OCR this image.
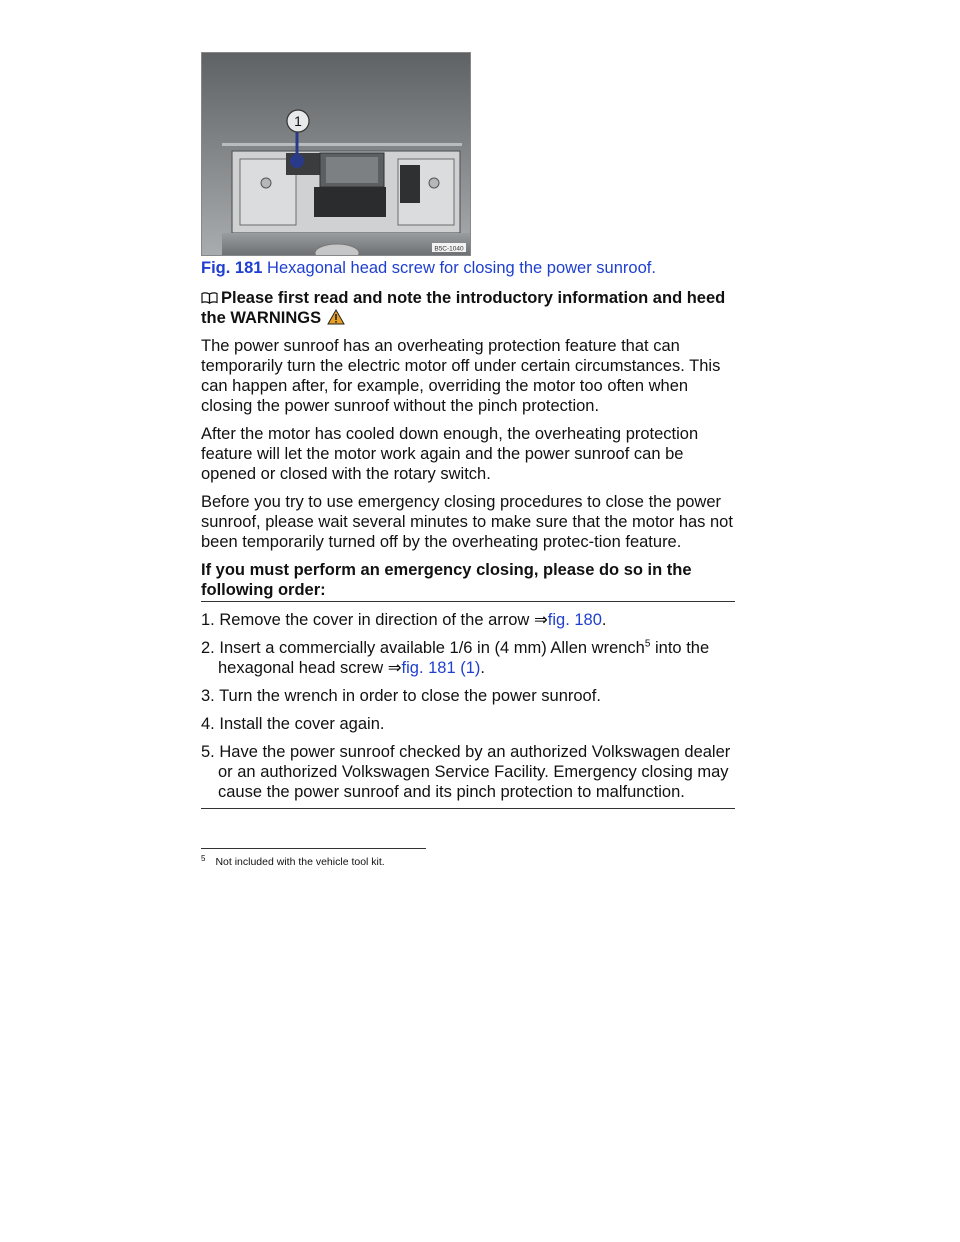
1
B5C-1040
Fig. 181 Hexagonal head screw for closing the power sunroof.
Please first read and note the introductory information and heed the WARNINGS

The power sunroof has an overheating protection feature that can temporarily turn the electric motor off under certain circumstances. This can happen after, for example, overriding the motor too often when closing the power sunroof without the pinch protection.

After the motor has cooled down enough, the overheating protection feature will let the motor work again and the power sunroof can be opened or closed with the rotary switch.

Before you try to use emergency closing procedures to close the power sunroof, please wait several minutes to make sure that the motor has not been temporarily turned off by the overheating protec-tion feature.

If you must perform an emergency closing, please do so in the following order:
1. Remove the cover in direction of the arrow ⇒fig. 180.
2. Insert a commercially available 1/6 in (4 mm) Allen wrench$^5$ into the hexagonal head screw ⇒fig. 181 (1).
3. Turn the wrench in order to close the power sunroof.
4. Install the cover again.
5. Have the power sunroof checked by an authorized Volkswagen dealer or an authorized Volkswagen Service Facility. Emergency closing may cause the power sunroof and its pinch protection to malfunction.
$^5$ Not included with the vehicle tool kit.
